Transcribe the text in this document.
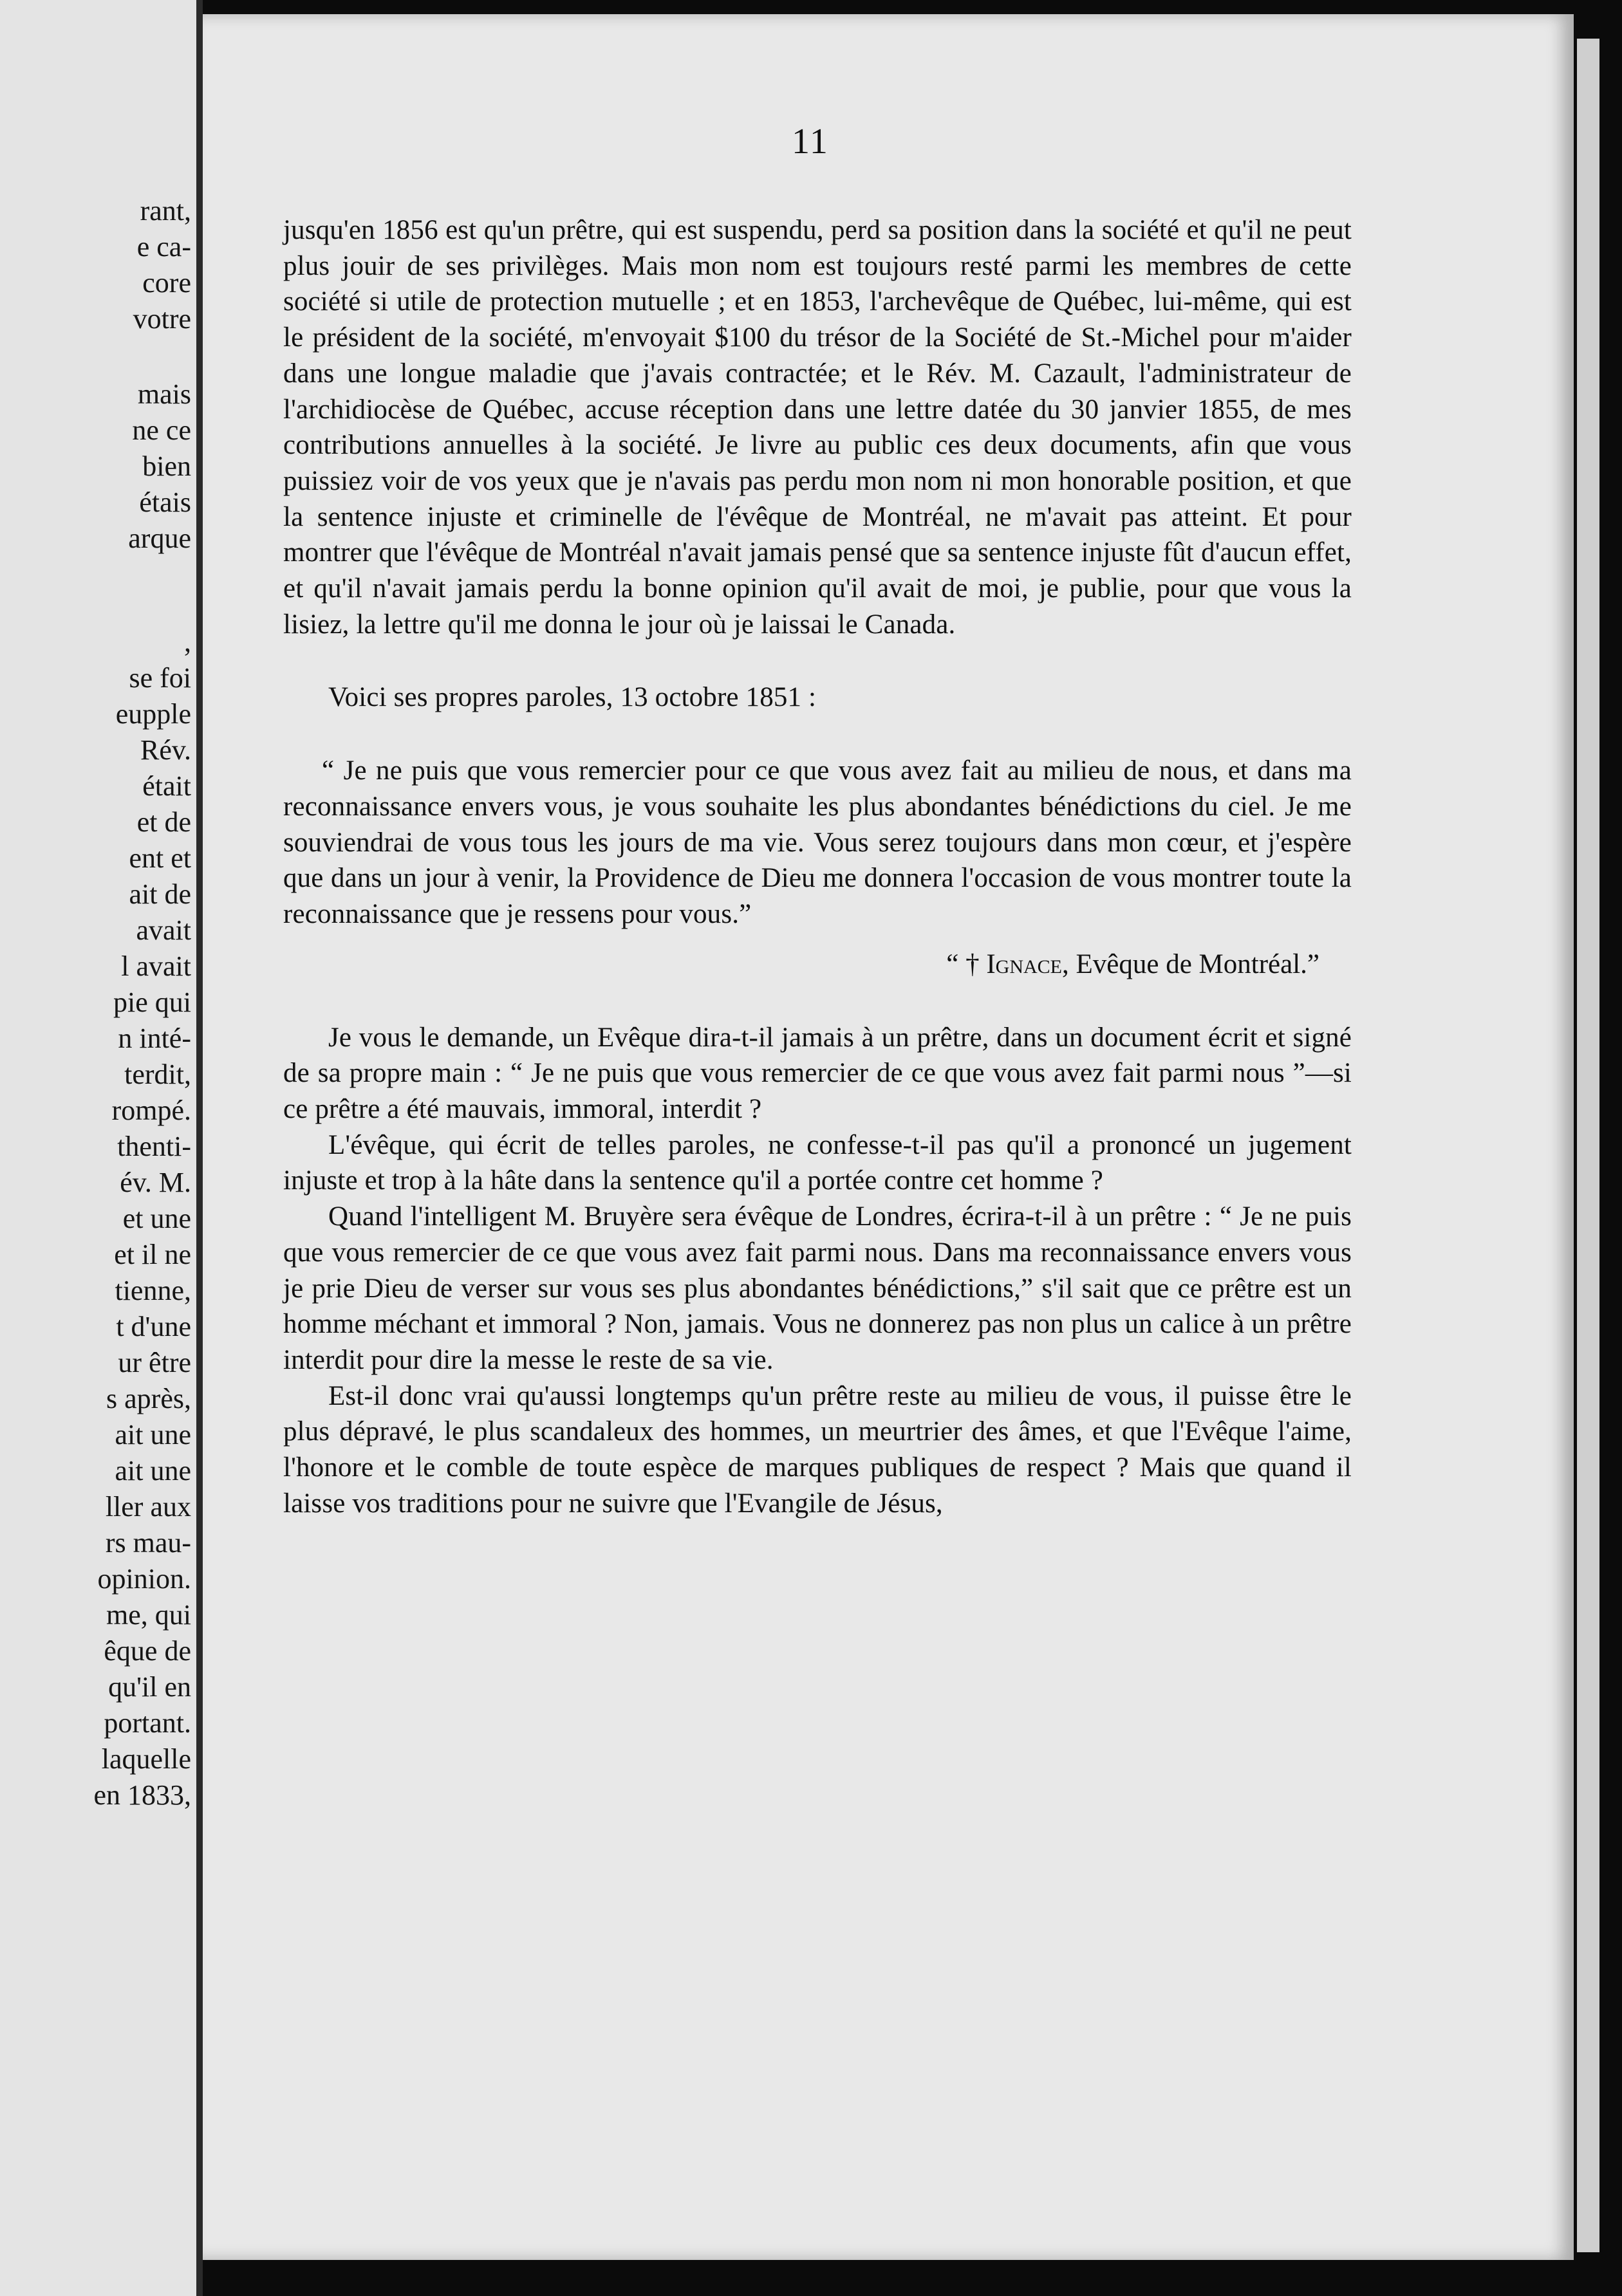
rant,

e ca-

core

votre

mais

ne ce

bien

étais

arque

,

se foi

eupple

Rév.

était

et de

ent et

ait de

avait

l avait

pie qui

n inté-

terdit,

rompé.

thenti-

év. M.

et une

et il ne

tienne,

t d'une

ur être

s après,

ait une

ait une

ller aux

rs mau-

opinion.

me, qui

êque de

qu'il en

portant.

laquelle

en 1833,

11

jusqu'en 1856 est qu'un prêtre, qui est suspendu, perd sa position dans la société et qu'il ne peut plus jouir de ses privilèges. Mais mon nom est toujours resté parmi les membres de cette société si utile de protection mutuelle ; et en 1853, l'archevêque de Québec, lui-même, qui est le président de la société, m'envoyait $100 du trésor de la Société de St.-Michel pour m'aider dans une longue maladie que j'avais contractée; et le Rév. M. Cazault, l'administrateur de l'archidiocèse de Québec, accuse réception dans une lettre datée du 30 janvier 1855, de mes contributions annuelles à la société. Je livre au public ces deux documents, afin que vous puissiez voir de vos yeux que je n'avais pas perdu mon nom ni mon honorable position, et que la sentence injuste et criminelle de l'évêque de Montréal, ne m'avait pas atteint. Et pour montrer que l'évêque de Montréal n'avait jamais pensé que sa sentence injuste fût d'aucun effet, et qu'il n'avait jamais perdu la bonne opinion qu'il avait de moi, je publie, pour que vous la lisiez, la lettre qu'il me donna le jour où je laissai le Canada.

Voici ses propres paroles, 13 octobre 1851 :

“ Je ne puis que vous remercier pour ce que vous avez fait au milieu de nous, et dans ma reconnaissance envers vous, je vous souhaite les plus abondantes bénédictions du ciel. Je me souviendrai de vous tous les jours de ma vie. Vous serez toujours dans mon cœur, et j'espère que dans un jour à venir, la Providence de Dieu me donnera l'occasion de vous montrer toute la reconnaissance que je ressens pour vous.”

“ † Ignace, Evêque de Montréal.”

Je vous le demande, un Evêque dira-t-il jamais à un prêtre, dans un document écrit et signé de sa propre main : “ Je ne puis que vous remercier de ce que vous avez fait parmi nous ”—si ce prêtre a été mauvais, immoral, interdit ?

L'évêque, qui écrit de telles paroles, ne confesse-t-il pas qu'il a prononcé un jugement injuste et trop à la hâte dans la sentence qu'il a portée contre cet homme ?

Quand l'intelligent M. Bruyère sera évêque de Londres, écrira-t-il à un prêtre : “ Je ne puis que vous remercier de ce que vous avez fait parmi nous. Dans ma reconnaissance envers vous je prie Dieu de verser sur vous ses plus abondantes bénédictions,” s'il sait que ce prêtre est un homme méchant et immoral ? Non, jamais. Vous ne donnerez pas non plus un calice à un prêtre interdit pour dire la messe le reste de sa vie.

Est-il donc vrai qu'aussi longtemps qu'un prêtre reste au milieu de vous, il puisse être le plus dépravé, le plus scandaleux des hommes, un meurtrier des âmes, et que l'Evêque l'aime, l'honore et le comble de toute espèce de marques publiques de respect ? Mais que quand il laisse vos traditions pour ne suivre que l'Evangile de Jésus,
